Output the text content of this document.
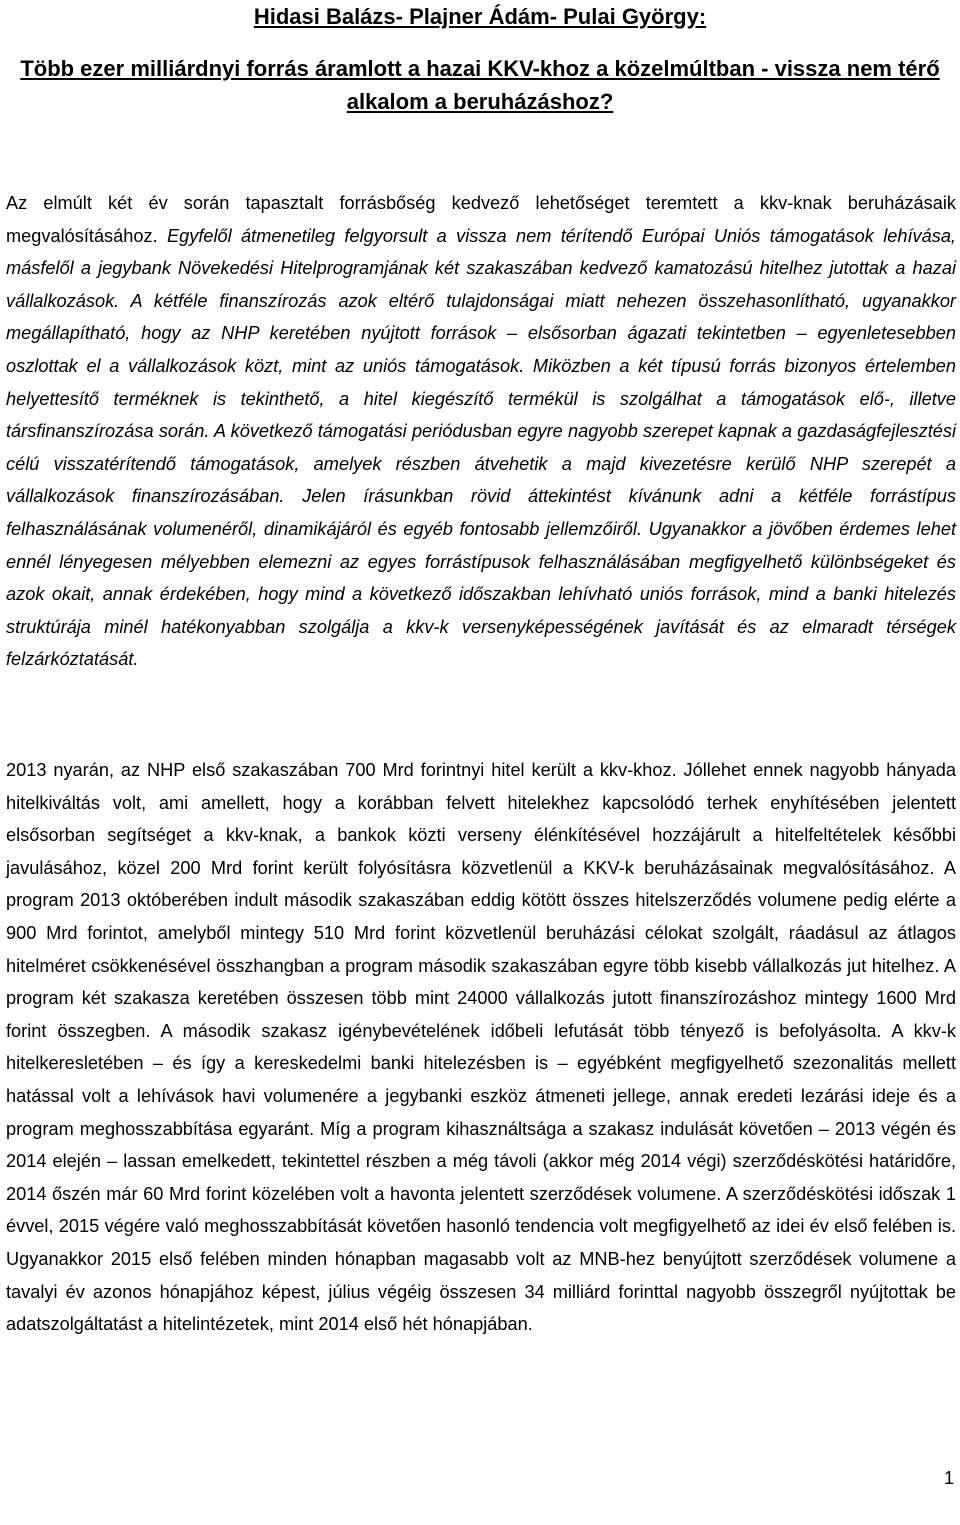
Hidasi Balázs- Plajner Ádám- Pulai György:
Több ezer milliárdnyi forrás áramlott a hazai KKV-khoz a közelmúltban - vissza nem térő alkalom a beruházáshoz?

Az elmúlt két év során tapasztalt forrásbőség kedvező lehetőséget teremtett a kkv-knak beruházásaik megvalósításához. Egyfelől átmenetileg felgyorsult a vissza nem térítendő Európai Uniós támogatások lehívása, másfelől a jegybank Növekedési Hitelprogramjának két szakaszában kedvező kamatozású hitelhez jutottak a hazai vállalkozások. A kétféle finanszírozás azok eltérő tulajdonságai miatt nehezen összehasonlítható, ugyanakkor megállapítható, hogy az NHP keretében nyújtott források – elsősorban ágazati tekintetben – egyenletesebben oszlottak el a vállalkozások közt, mint az uniós támogatások. Miközben a két típusú forrás bizonyos értelemben helyettesítő terméknek is tekinthető, a hitel kiegészítő termékül is szolgálhat a támogatások elő-, illetve társfinanszírozása során. A következő támogatási periódusban egyre nagyobb szerepet kapnak a gazdaságfejlesztési célú visszatérítendő támogatások, amelyek részben átvehetik a majd kivezetésre kerülő NHP szerepét a vállalkozások finanszírozásában. Jelen írásunkban rövid áttekintést kívánunk adni a kétféle forrástípus felhasználásának volumenéről, dinamikájáról és egyéb fontosabb jellemzőiről. Ugyanakkor a jövőben érdemes lehet ennél lényegesen mélyebben elemezni az egyes forrástípusok felhasználásában megfigyelhető különbségeket és azok okait, annak érdekében, hogy mind a következő időszakban lehívható uniós források, mind a banki hitelezés struktúrája minél hatékonyabban szolgálja a kkv-k versenyképességének javítását és az elmaradt térségek felzárkóztatását.

2013 nyarán, az NHP első szakaszában 700 Mrd forintnyi hitel került a kkv-khoz. Jóllehet ennek nagyobb hányada hitelkiváltás volt, ami amellett, hogy a korábban felvett hitelekhez kapcsolódó terhek enyhítésében jelentett elsősorban segítséget a kkv-knak, a bankok közti verseny élénkítésével hozzájárult a hitelfeltételek későbbi javulásához, közel 200 Mrd forint került folyósításra közvetlenül a KKV-k beruházásainak megvalósításához. A program 2013 októberében indult második szakaszában eddig kötött összes hitelszerződés volumene pedig elérte a 900 Mrd forintot, amelyből mintegy 510 Mrd forint közvetlenül beruházási célokat szolgált, ráadásul az átlagos hitelméret csökkenésével összhangban a program második szakaszában egyre több kisebb vállalkozás jut hitelhez. A program két szakasza keretében összesen több mint 24000 vállalkozás jutott finanszírozáshoz mintegy 1600 Mrd forint összegben. A második szakasz igénybevételének időbeli lefutását több tényező is befolyásolta. A kkv-k hitelkeresletében – és így a kereskedelmi banki hitelezésben is – egyébként megfigyelhető szezonalitás mellett hatással volt a lehívások havi volumenére a jegybanki eszköz átmeneti jellege, annak eredeti lezárási ideje és a program meghosszabbítása egyaránt. Míg a program kihasználtsága a szakasz indulását követően – 2013 végén és 2014 elején – lassan emelkedett, tekintettel részben a még távoli (akkor még 2014 végi) szerződéskötési határidőre, 2014 őszén már 60 Mrd forint közelében volt a havonta jelentett szerződések volumene. A szerződéskötési időszak 1 évvel, 2015 végére való meghosszabbítását követően hasonló tendencia volt megfigyelhető az idei év első felében is. Ugyanakkor 2015 első felében minden hónapban magasabb volt az MNB-hez benyújtott szerződések volumene a tavalyi év azonos hónapjához képest, július végéig összesen 34 milliárd forinttal nagyobb összegről nyújtottak be adatszolgáltatást a hitelintézetek, mint 2014 első hét hónapjában.

1
